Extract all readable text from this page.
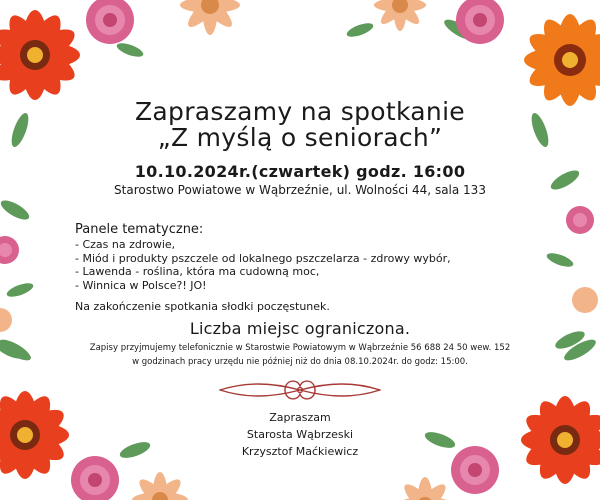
Zapraszamy na spotkanie
„Z myślą o seniorach”
10.10.2024r.(czwartek) godz. 16:00
Starostwo Powiatowe w Wąbrzeźnie, ul. Wolności 44, sala 133
Panele tematyczne:
- Czas na zdrowie,
- Miód i produkty pszczele od lokalnego pszczelarza - zdrowy wybór,
- Lawenda - roślina, która ma cudowną moc,
- Winnica w Polsce?! JO!
Na zakończenie spotkania słodki poczęstunek.
Liczba miejsc ograniczona.
Zapisy przyjmujemy telefonicznie w Starostwie Powiatowym w Wąbrzeźnie 56 688 24 50 wew. 152
w godzinach pracy urzędu nie później niż do dnia 08.10.2024r. do godz: 15:00.
Zapraszam
Starosta Wąbrzeski
Krzysztof Maćkiewicz
